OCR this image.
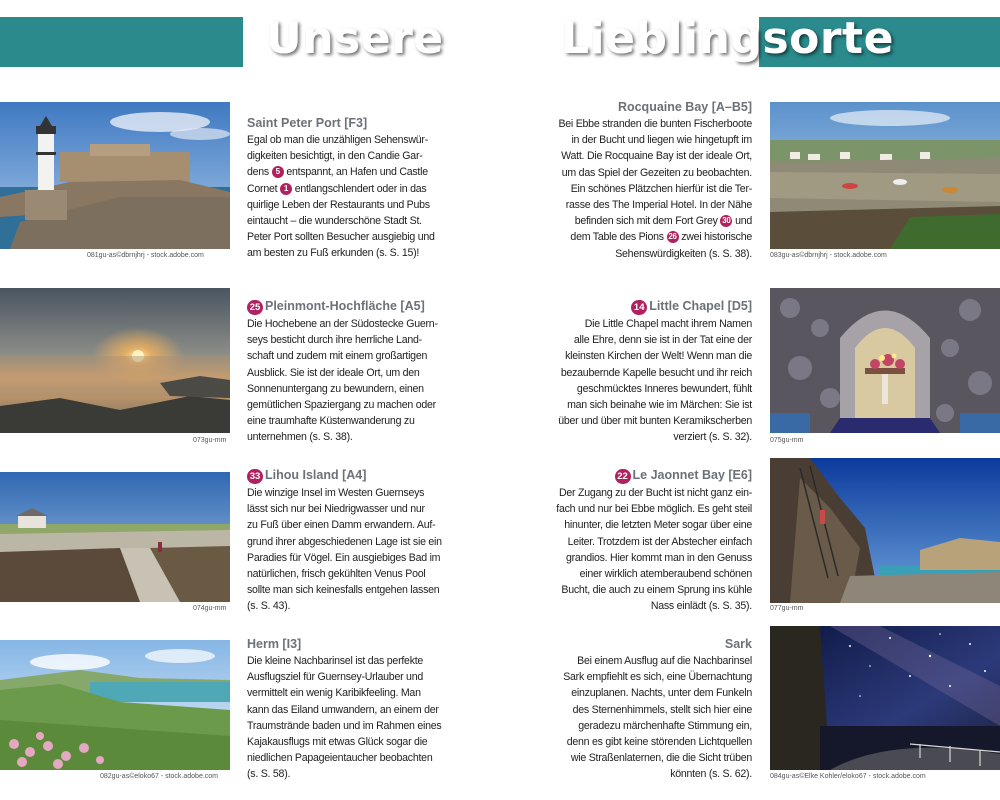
Unsere	Lieblingsorte
081gu-as©dbrnjhrj - stock.adobe.com
073gu-mm
074gu-mm
082gu-as©eloko67 - stock.adobe.com
083gu-as©dbrnjhrj - stock.adobe.com
075gu-mm
077gu-mm
084gu-as©Elke Kohler/eloko67 - stock.adobe.com
Saint Peter Port [F3]
Egal ob man die unzähligen Sehenswür-
digkeiten besichtigt, in den Candie Gar-
dens 5 entspannt, an Hafen und Castle
Cornet 1 entlangschlendert oder in das
quirlige Leben der Restaurants und Pubs
eintaucht – die wunderschöne Stadt St.
Peter Port sollten Besucher ausgiebig und
am besten zu Fuß erkunden (s. S. 15)!
Rocquaine Bay [A–B5]
Bei Ebbe stranden die bunten Fischerboote
in der Bucht und liegen wie hingetupft im
Watt. Die Rocquaine Bay ist der ideale Ort,
um das Spiel der Gezeiten zu beobachten.
Ein schönes Plätzchen hierfür ist die Ter-
rasse des The Imperial Hotel. In der Nähe
befinden sich mit dem Fort Grey 30 und
dem Table des Pions 26 zwei historische
Sehenswürdigkeiten (s. S. 38).
25 Pleinmont-Hochfläche [A5]
Die Hochebene an der Südostecke Guern-
seys besticht durch ihre herrliche Land-
schaft und zudem mit einem großartigen
Ausblick. Sie ist der ideale Ort, um den
Sonnenuntergang zu bewundern, einen
gemütlichen Spaziergang zu machen oder
eine traumhafte Küstenwanderung zu
unternehmen (s. S. 38).
14 Little Chapel [D5]
Die Little Chapel macht ihrem Namen
alle Ehre, denn sie ist in der Tat eine der
kleinsten Kirchen der Welt! Wenn man die
bezaubernde Kapelle besucht und ihr reich
geschmücktes Inneres bewundert, fühlt
man sich beinahe wie im Märchen: Sie ist
über und über mit bunten Keramikscherben
verziert (s. S. 32).
33 Lihou Island [A4]
Die winzige Insel im Westen Guernseys
lässt sich nur bei Niedrigwasser und nur
zu Fuß über einen Damm erwandern. Auf-
grund ihrer abgeschiedenen Lage ist sie ein
Paradies für Vögel. Ein ausgiebiges Bad im
natürlichen, frisch gekühlten Venus Pool
sollte man sich keinesfalls entgehen lassen
(s. S. 43).
22 Le Jaonnet Bay [E6]
Der Zugang zu der Bucht ist nicht ganz ein-
fach und nur bei Ebbe möglich. Es geht steil
hinunter, die letzten Meter sogar über eine
Leiter. Trotzdem ist der Abstecher einfach
grandios. Hier kommt man in den Genuss
einer wirklich atemberaubend schönen
Bucht, die auch zu einem Sprung ins kühle
Nass einlädt (s. S. 35).
Herm [I3]
Die kleine Nachbarinsel ist das perfekte
Ausflugsziel für Guernsey-Urlauber und
vermittelt ein wenig Karibikfeeling. Man
kann das Eiland umwandern, an einem der
Traumstrände baden und im Rahmen eines
Kajakausflugs mit etwas Glück sogar die
niedlichen Papageientaucher beobachten
(s. S. 58).
Sark
Bei einem Ausflug auf die Nachbarinsel
Sark empfiehlt es sich, eine Übernachtung
einzuplanen. Nachts, unter dem Funkeln
des Sternenhimmels, stellt sich hier eine
geradezu märchenhafte Stimmung ein,
denn es gibt keine störenden Lichtquellen
wie Straßenlaternen, die die Sicht trüben
könnten (s. S. 62).
